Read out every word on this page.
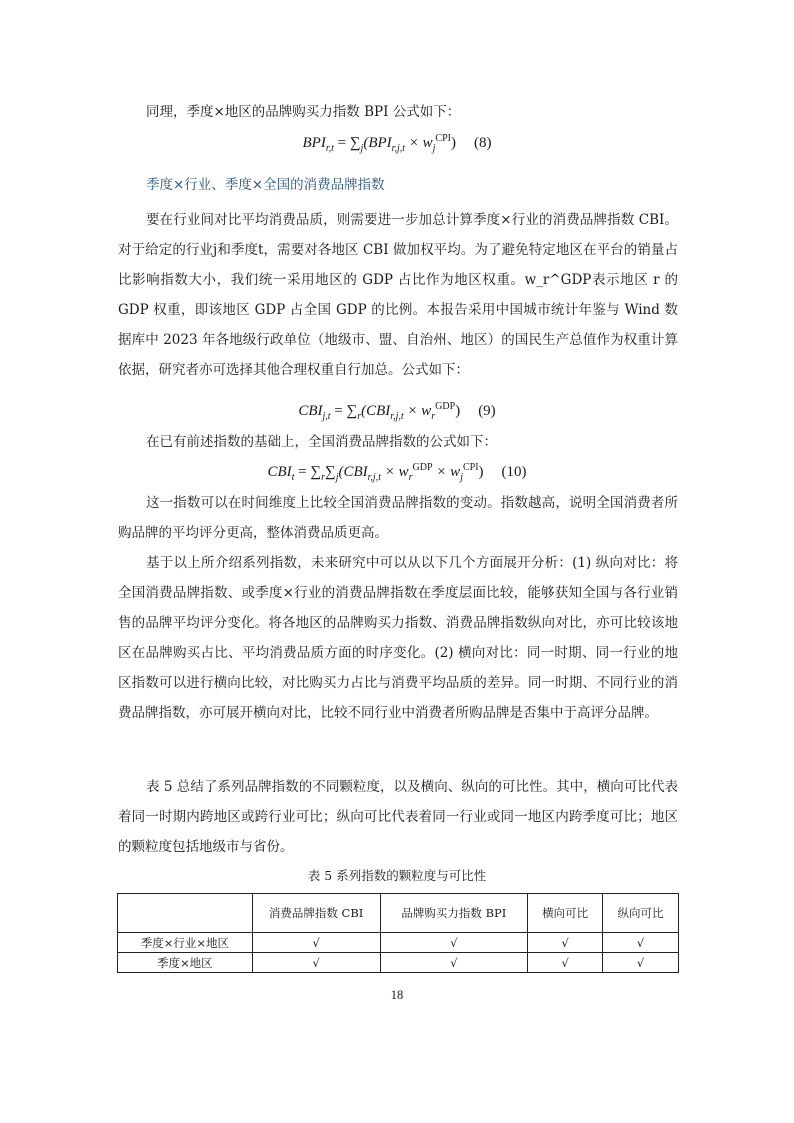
同理，季度×地区的品牌购买力指数 BPI 公式如下：
$BPI_{r,t} = \sum_j(BPI_{r,j,t} \times w_j^{CPI})$ (8)
季度×行业、季度×全国的消费品牌指数
要在行业间对比平均消费品质，则需要进一步加总计算季度×行业的消费品牌指数 CBI。对于给定的行业j和季度t，需要对各地区 CBI 做加权平均。为了避免特定地区在平台的销量占比影响指数大小，我们统一采用地区的 GDP 占比作为地区权重。w_r^GDP表示地区 r 的 GDP 权重，即该地区 GDP 占全国 GDP 的比例。本报告采用中国城市统计年鉴与 Wind 数据库中 2023 年各地级行政单位（地级市、盟、自治州、地区）的国民生产总值作为权重计算依据，研究者亦可选择其他合理权重自行加总。公式如下：
$CBI_{j,t} = \sum_r(CBI_{r,j,t} \times w_r^{GDP})$ (9)
在已有前述指数的基础上，全国消费品牌指数的公式如下：
$CBI_t = \sum_r\sum_j(CBI_{r,j,t} \times w_r^{GDP} \times w_j^{CPI})$ (10)
这一指数可以在时间维度上比较全国消费品牌指数的变动。指数越高，说明全国消费者所购品牌的平均评分更高，整体消费品质更高。
基于以上所介绍系列指数，未来研究中可以从以下几个方面展开分析：(1) 纵向对比：将全国消费品牌指数、或季度×行业的消费品牌指数在季度层面比较，能够获知全国与各行业销售的品牌平均评分变化。将各地区的品牌购买力指数、消费品牌指数纵向对比，亦可比较该地区在品牌购买占比、平均消费品质方面的时序变化。(2) 横向对比：同一时期、同一行业的地区指数可以进行横向比较，对比购买力占比与消费平均品质的差异。同一时期、不同行业的消费品牌指数，亦可展开横向对比，比较不同行业中消费者所购品牌是否集中于高评分品牌。
表 5 总结了系列品牌指数的不同颗粒度，以及横向、纵向的可比性。其中，横向可比代表着同一时期内跨地区或跨行业可比；纵向可比代表着同一行业或同一地区内跨季度可比；地区的颗粒度包括地级市与省份。
表 5 系列指数的颗粒度与可比性
	消费品牌指数 CBI	品牌购买力指数 BPI	横向可比	纵向可比
季度×行业×地区	√	√	√	√
季度×地区	√	√	√	√
18
